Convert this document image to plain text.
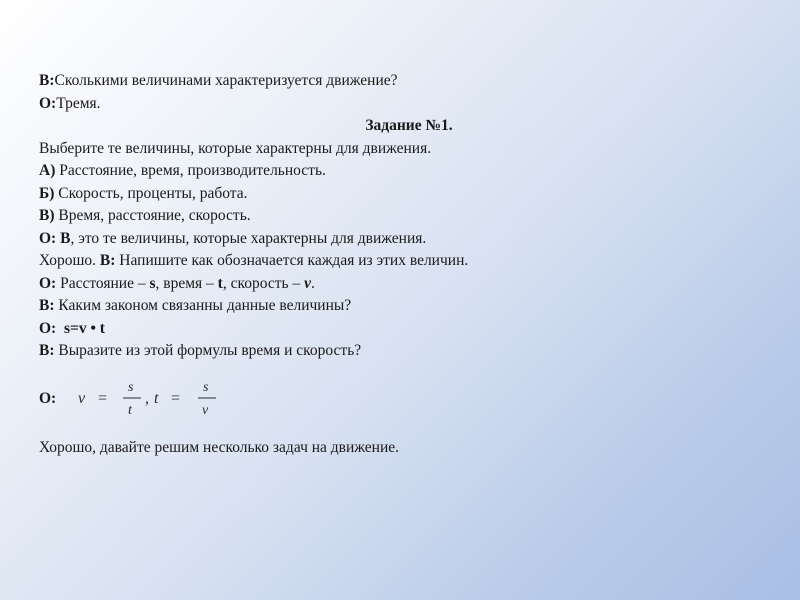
В:Сколькими величинами характеризуется движение?
О:Тремя.
Задание №1.
Выберите те величины, которые характерны для движения.
А) Расстояние, время, производительность.
Б) Скорость, проценты, работа.
В) Время, расстояние, скорость.
О: В, это те величины, которые характерны для движения.
Хорошо. В: Напишите как обозначается каждая из этих величин.
О: Расстояние – s, время – t, скорость – v.
В: Каким законом связанны данные величины?
О: s=v • t
В: Выразите из этой формулы время и скорость?
О: v =
s
t
, t =
s
v
Хорошо, давайте решим несколько задач на движение.
